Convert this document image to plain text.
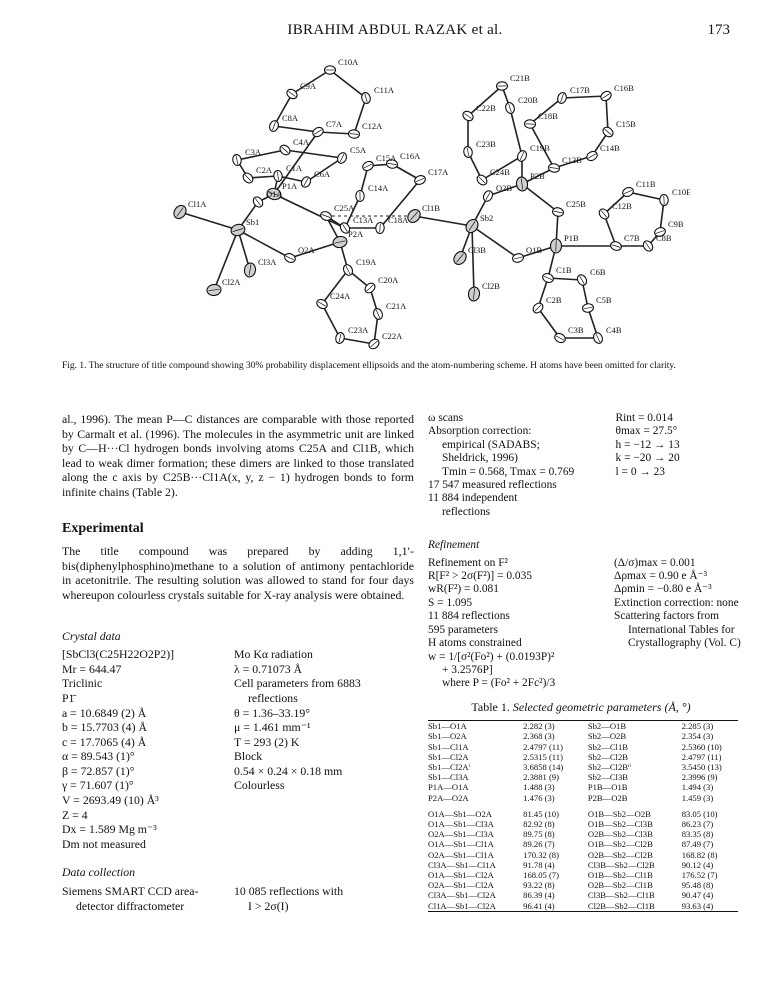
IBRAHIM ABDUL RAZAK et al.	173
C10A
C9A	C11A
C8A
C7A C12A
C4A
C3A	C5A
C15A C16A
C2A C1A
C6A	C17A
P1A
O1A
C14A
Cl1A
Sb1
C25A
C13A C18A
Cl1B
P2A
O2A
C19A
Cl3A
C20A
Cl2A
C24A
C21A
C23A
C22A
C21B
C22B
C20B
C17B	C16B
C18B
C15B
C23B	C19B	C14B
C13B
C24B P2B
O2B	C11B
C25B	C12B
C10B
Sb2
C9B
C7B C8B
P1B
Cl3B	O1B
C1B C6B
Cl2B
C2B	C5B
C3B	C4B
Fig. 1. The structure of title compound showing 30% probability displacement ellipsoids and the atom-numbering scheme. H atoms have been omitted for clarity.

al., 1996). The mean P—C distances are comparable with those reported by Carmalt et al. (1996). The molecules in the asymmetric unit are linked by C—H···Cl hydrogen bonds involving atoms C25A and Cl1B, which lead to weak dimer formation; these dimers are linked to those translated along the c axis by C25B···Cl1A(x, y, z − 1) hydrogen bonds to form infinite chains (Table 2).

Experimental

The title compound was prepared by adding 1,1′-bis(diphenylphosphino)methane to a solution of antimony pentachloride in acetonitrile. The resulting solution was allowed to stand for four days whereupon colourless crystals suitable for X-ray analysis were obtained.

Crystal data
[SbCl3(C25H22O2P2)]
Mr = 644.47
Triclinic
P1̄
a = 10.6849 (2) Å
b = 15.7703 (4) Å
c = 17.7065 (4) Å
α = 89.543 (1)°
β = 72.857 (1)°
γ = 71.607 (1)°
V = 2693.49 (10) Å³
Z = 4
Dx = 1.589 Mg m⁻³
Dm not measured
Mo Kα radiation
λ = 0.71073 Å
Cell parameters from 6883
reflections
θ = 1.36–33.19°
μ = 1.461 mm⁻¹
T = 293 (2) K
Block
0.54 × 0.24 × 0.18 mm
Colourless
Data collection
Siemens SMART CCD area-
detector diffractometer
10 085 reflections with
I > 2σ(I)
ω scans
Absorption correction:
empirical (SADABS;
Sheldrick, 1996)
Tmin = 0.568, Tmax = 0.769
17 547 measured reflections
11 884 independent
reflections
Rint = 0.014
θmax = 27.5°
h = −12 → 13
k = −20 → 20
l = 0 → 23
Refinement
Refinement on F²
R[F² > 2σ(F²)] = 0.035
wR(F²) = 0.081
S = 1.095
11 884 reflections
595 parameters
H atoms constrained
w = 1/[σ²(Fo²) + (0.0193P)²
+ 3.2576P]
where P = (Fo² + 2Fc²)/3
(Δ/σ)max = 0.001
Δρmax = 0.90 e Å⁻³
Δρmin = −0.80 e Å⁻³
Extinction correction: none
Scattering factors from
International Tables for
Crystallography (Vol. C)
Table 1. Selected geometric parameters (Å, °)
Sb1—O1A	2.282 (3)	Sb2—O1B	2.285 (3)
Sb1—O2A	2.368 (3)	Sb2—O2B	2.354 (3)
Sb1—Cl1A	2.4797 (11)	Sb2—Cl1B	2.5360 (10)
Sb1—Cl2A	2.5315 (11)	Sb2—Cl2B	2.4797 (11)
Sb1—Cl2Aⁱ	3.6858 (14)	Sb2—Cl2Bⁱⁱ	3.5450 (13)
Sb1—Cl3A	2.3881 (9)	Sb2—Cl3B	2.3996 (9)
P1A—O1A	1.488 (3)	P1B—O1B	1.494 (3)
P2A—O2A	1.476 (3)	P2B—O2B	1.459 (3)

O1A—Sb1—O2A	81.45 (10)	O1B—Sb2—O2B	83.05 (10)
O1A—Sb1—Cl3A	82.92 (8)	O1B—Sb2—Cl3B	86.23 (7)
O2A—Sb1—Cl3A	89.75 (8)	O2B—Sb2—Cl3B	83.35 (8)
O1A—Sb1—Cl1A	89.26 (7)	O1B—Sb2—Cl2B	87.49 (7)
O2A—Sb1—Cl1A	170.32 (8)	O2B—Sb2—Cl2B	168.82 (8)
Cl3A—Sb1—Cl1A	91.78 (4)	Cl3B—Sb2—Cl2B	90.12 (4)
O1A—Sb1—Cl2A	168.05 (7)	O1B—Sb2—Cl1B	176.52 (7)
O2A—Sb1—Cl2A	93.22 (8)	O2B—Sb2—Cl1B	95.48 (8)
Cl3A—Sb1—Cl2A	86.39 (4)	Cl3B—Sb2—Cl1B	90.47 (4)
Cl1A—Sb1—Cl2A	96.41 (4)	Cl2B—Sb2—Cl1B	93.63 (4)
